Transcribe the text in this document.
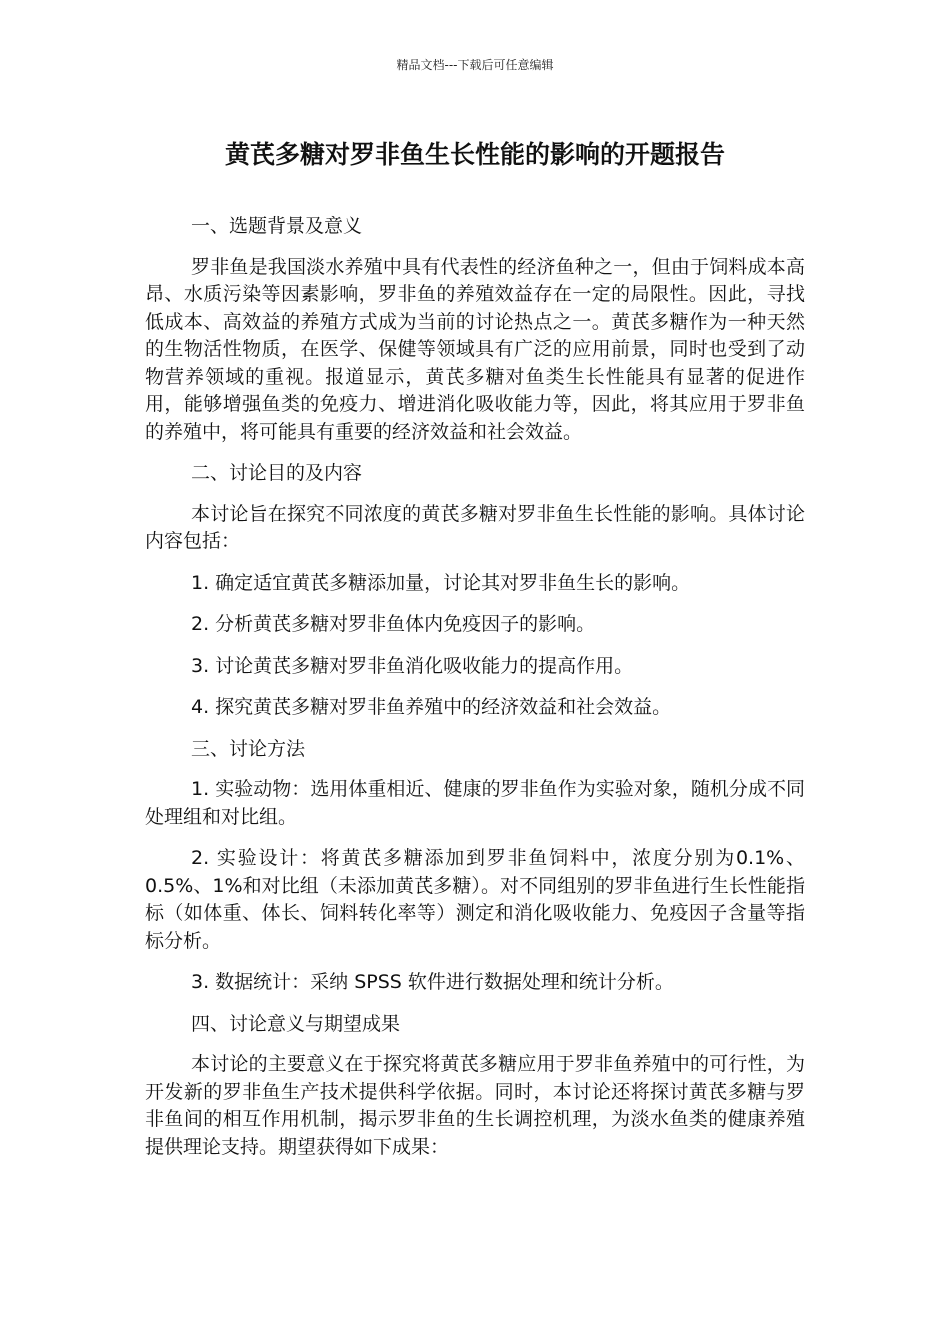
精品文档---下载后可任意编辑
黄芪多糖对罗非鱼生长性能的影响的开题报告

一、选题背景及意义

罗非鱼是我国淡水养殖中具有代表性的经济鱼种之一，但由于饲料成本高昂、水质污染等因素影响，罗非鱼的养殖效益存在一定的局限性。因此，寻找低成本、高效益的养殖方式成为当前的讨论热点之一。黄芪多糖作为一种天然的生物活性物质，在医学、保健等领域具有广泛的应用前景，同时也受到了动物营养领域的重视。报道显示，黄芪多糖对鱼类生长性能具有显著的促进作用，能够增强鱼类的免疫力、增进消化吸收能力等，因此，将其应用于罗非鱼的养殖中，将可能具有重要的经济效益和社会效益。

二、讨论目的及内容

本讨论旨在探究不同浓度的黄芪多糖对罗非鱼生长性能的影响。具体讨论内容包括：

1. 确定适宜黄芪多糖添加量，讨论其对罗非鱼生长的影响。

2. 分析黄芪多糖对罗非鱼体内免疫因子的影响。

3. 讨论黄芪多糖对罗非鱼消化吸收能力的提高作用。

4. 探究黄芪多糖对罗非鱼养殖中的经济效益和社会效益。

三、讨论方法

1. 实验动物：选用体重相近、健康的罗非鱼作为实验对象，随机分成不同处理组和对比组。

2. 实验设计：将黄芪多糖添加到罗非鱼饲料中，浓度分别为0.1%、0.5%、1%和对比组（未添加黄芪多糖）。对不同组别的罗非鱼进行生长性能指标（如体重、体长、饲料转化率等）测定和消化吸收能力、免疫因子含量等指标分析。

3. 数据统计：采纳 SPSS 软件进行数据处理和统计分析。

四、讨论意义与期望成果

本讨论的主要意义在于探究将黄芪多糖应用于罗非鱼养殖中的可行性，为开发新的罗非鱼生产技术提供科学依据。同时，本讨论还将探讨黄芪多糖与罗非鱼间的相互作用机制，揭示罗非鱼的生长调控机理，为淡水鱼类的健康养殖提供理论支持。期望获得如下成果：
